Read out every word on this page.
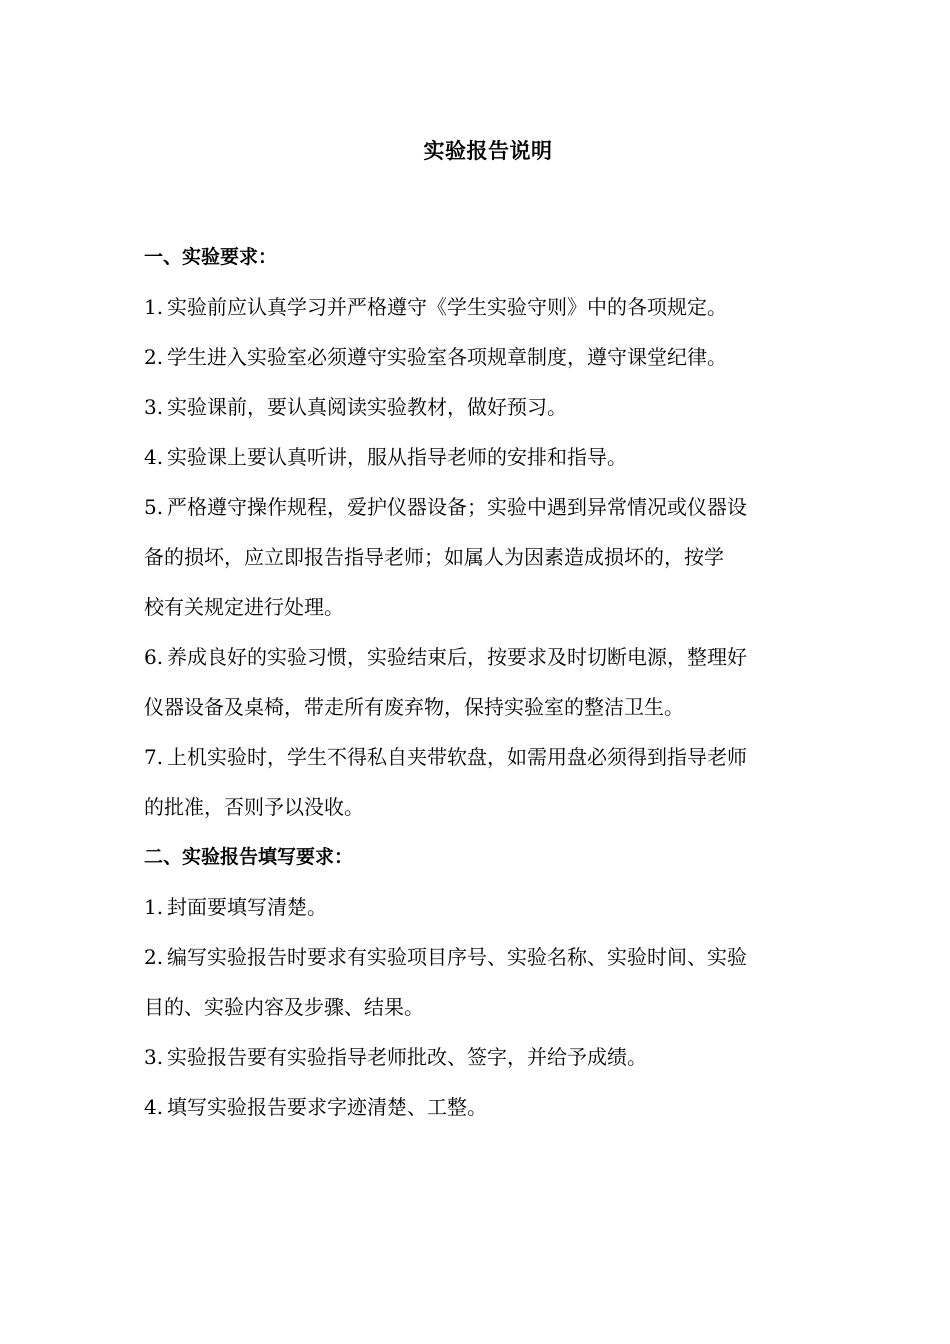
实验报告说明
一、实验要求：
1. 实验前应认真学习并严格遵守《学生实验守则》中的各项规定。
2. 学生进入实验室必须遵守实验室各项规章制度，遵守课堂纪律。
3. 实验课前，要认真阅读实验教材，做好预习。
4. 实验课上要认真听讲，服从指导老师的安排和指导。
5. 严格遵守操作规程，爱护仪器设备；实验中遇到异常情况或仪器设
备的损坏，应立即报告指导老师；如属人为因素造成损坏的，按学
校有关规定进行处理。
6. 养成良好的实验习惯，实验结束后，按要求及时切断电源，整理好
仪器设备及桌椅，带走所有废弃物，保持实验室的整洁卫生。
7. 上机实验时，学生不得私自夹带软盘，如需用盘必须得到指导老师
的批准，否则予以没收。
二、实验报告填写要求：
1. 封面要填写清楚。
2. 编写实验报告时要求有实验项目序号、实验名称、实验时间、实验
目的、实验内容及步骤、结果。
3. 实验报告要有实验指导老师批改、签字，并给予成绩。
4. 填写实验报告要求字迹清楚、工整。
